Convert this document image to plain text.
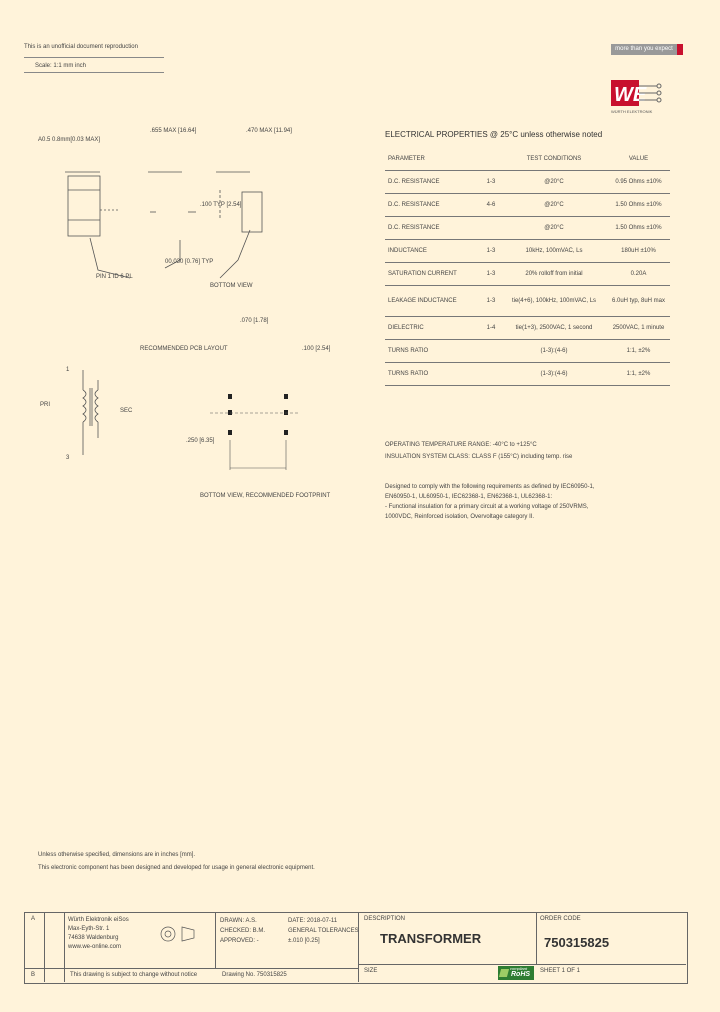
This is an unofficial document reproduction
Scale: 1:1 mm inch
more than you expect
WE
WÜRTH ELEKTRONIK
A0.5 0.8mm[0.03 MAX]
.655 MAX [16.64]	.470 MAX [11.94]
.100 TYP [2.54]
PIN 1 ID 6 PL
00.030 [0.76] TYP
BOTTOM VIEW
PRI
SEC
1
3
.070 [1.78]
RECOMMENDED PCB LAYOUT	.100 [2.54]
.250 [6.35]
BOTTOM VIEW, RECOMMENDED FOOTPRINT
ELECTRICAL PROPERTIES @ 25°C unless otherwise noted
PARAMETER		TEST CONDITIONS	VALUE
D.C. RESISTANCE	1-3	@20°C	0.95 Ohms ±10%
D.C. RESISTANCE	4-6	@20°C	1.50 Ohms ±10%
D.C. RESISTANCE		@20°C	1.50 Ohms ±10%
INDUCTANCE	1-3	10kHz, 100mVAC, Ls	180uH ±10%
SATURATION CURRENT	1-3	20% rolloff from initial	0.20A
LEAKAGE INDUCTANCE	1-3	tie(4+6), 100kHz, 100mVAC, Ls	6.0uH typ, 8uH max
DIELECTRIC	1-4	tie(1+3), 2500VAC, 1 second	2500VAC, 1 minute
TURNS RATIO		(1-3):(4-6)	1:1, ±2%
TURNS RATIO		(1-3):(4-6)	1:1, ±2%
OPERATING TEMPERATURE RANGE: -40°C to +125°C
INSULATION SYSTEM CLASS: CLASS F (155°C) including temp. rise
Designed to comply with the following requirements as defined by IEC60950-1,
EN60950-1, UL60950-1, IEC62368-1, EN62368-1, UL62368-1:
- Functional insulation for a primary circuit at a working voltage of 250VRMS,
1000VDC, Reinforced isolation, Overvoltage category II.
Unless otherwise specified, dimensions are in inches [mm].
This electronic component has been designed and developed for usage in general electronic equipment.
A
B
Würth Elektronik eiSos
Max-Eyth-Str. 1
74638 Waldenburg
www.we-online.com
DRAWN: A.S.
CHECKED: B.M.
APPROVED: -
DATE: 2018-07-11
GENERAL TOLERANCES
±.010 [0.25]
DESCRIPTION
TRANSFORMER
ORDER CODE
750315825
This drawing is subject to change without notice	Drawing No. 750315825
SIZE	compliant
RoHS SHEET 1 OF 1
